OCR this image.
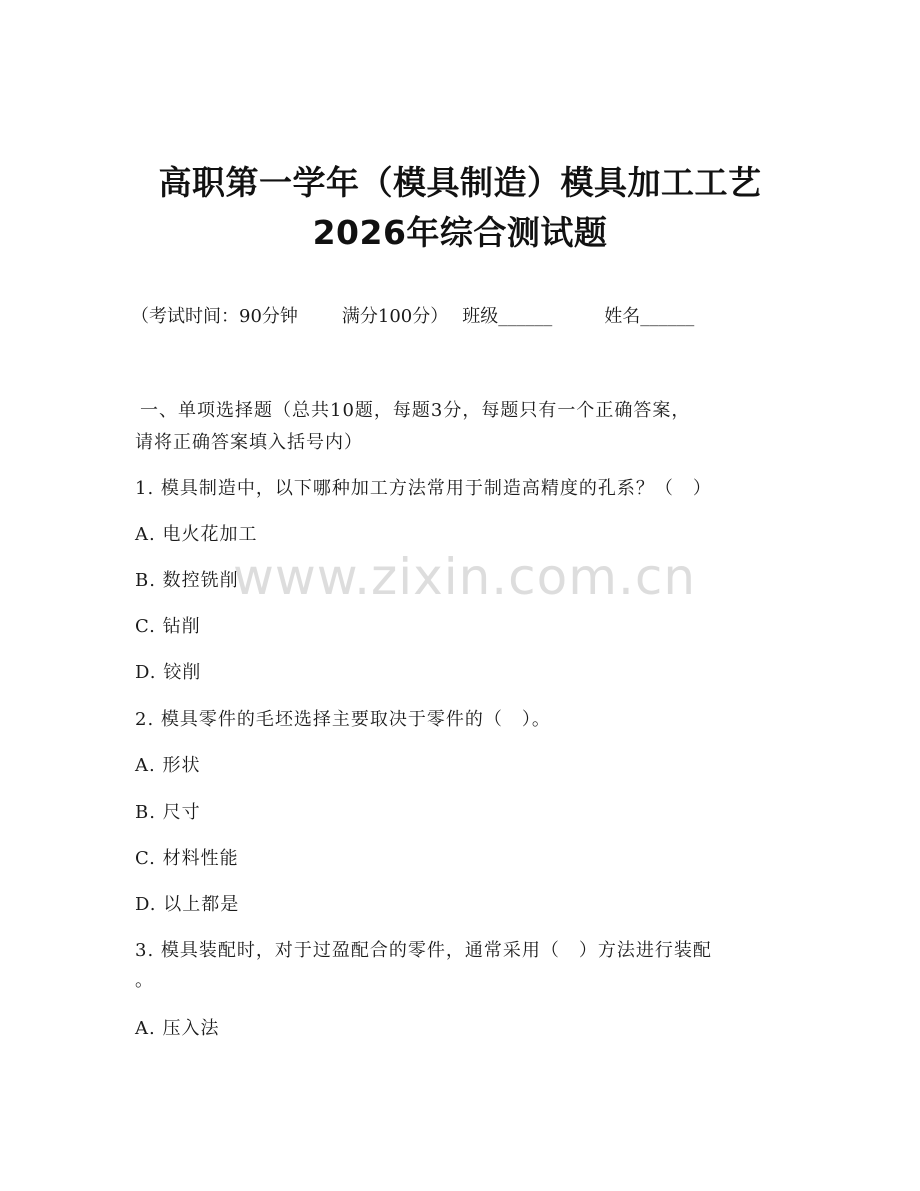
高职第一学年（模具制造）模具加工工艺
2026年综合测试题
（考试时间：90分钟 满分100分） 班级______	姓名______
一、单项选择题（总共10题，每题3分，每题只有一个正确答案，
请将正确答案填入括号内）
1. 模具制造中，以下哪种加工方法常用于制造高精度的孔系？（　）
A. 电火花加工
B. 数控铣削
C. 钻削
D. 铰削
2. 模具零件的毛坯选择主要取决于零件的（　）。
A. 形状
B. 尺寸
C. 材料性能
D. 以上都是
3. 模具装配时，对于过盈配合的零件，通常采用（　）方法进行装配
。
A. 压入法
www.zixin.com.cn
